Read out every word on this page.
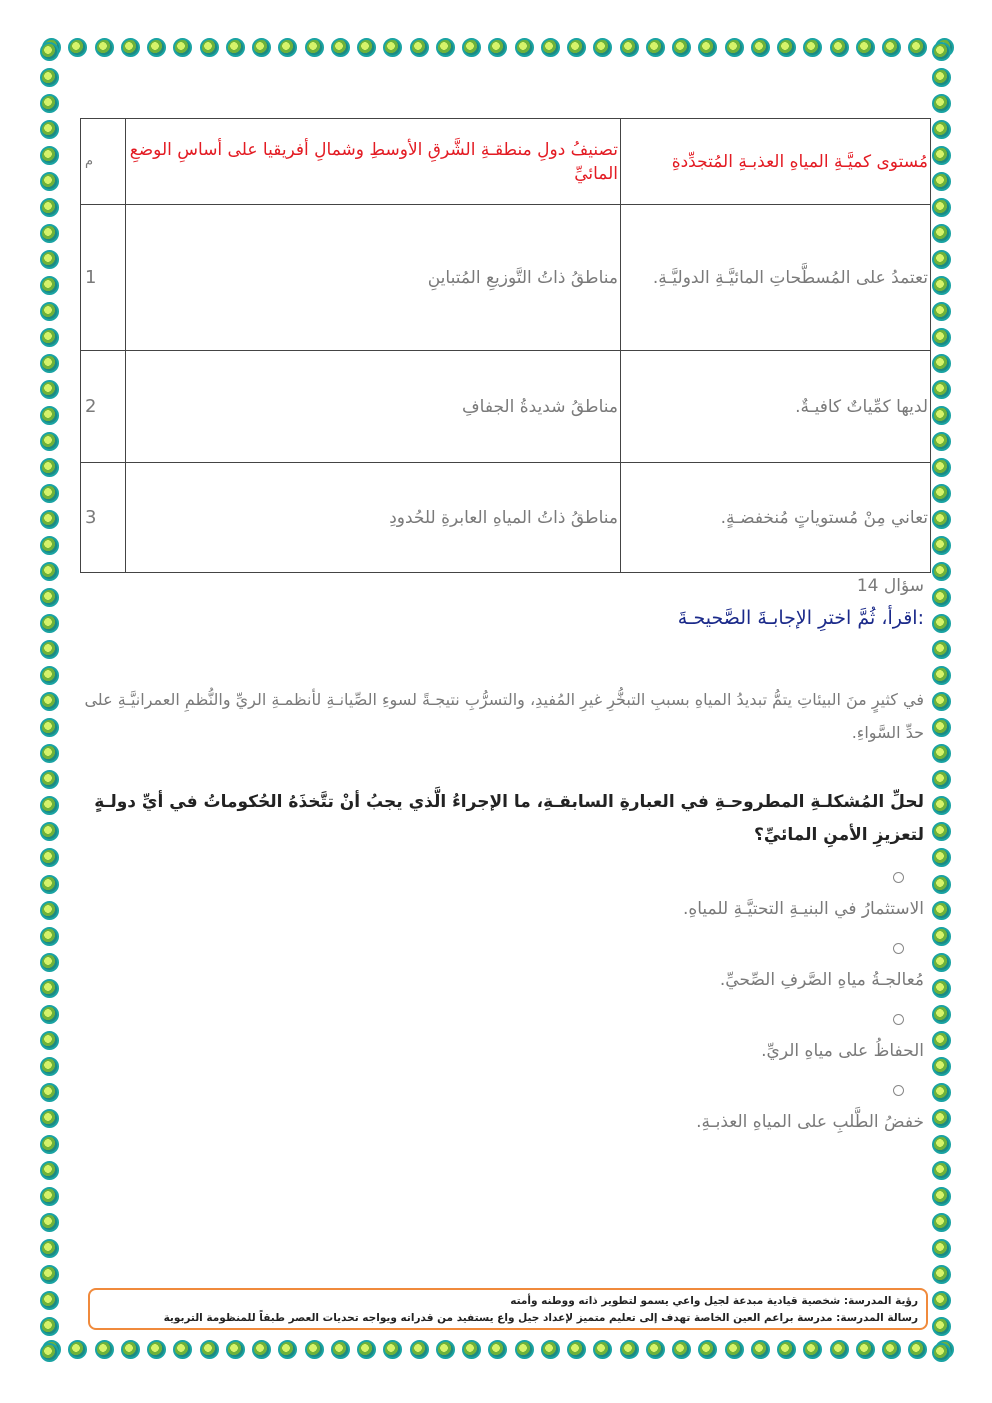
مُستوى كميَّـةِ المياهِ العذبـةِ المُتجدِّدةِ	تصنيفُ دولِ منطقـةِ الشَّرقِ الأوسطِ وشمالِ أفريقيا على أساسِ الوضعِ المائيِّ	م
تعتمدُ على المُسطَّحاتِ المائيَّـةِ الدوليَّـةِ.	مناطقُ ذاتُ التَّوزيعِ المُتباينِ	1
لديها كمِّياتٌ كافيـةٌ.	مناطقُ شديدةُ الجفافِ	2
تعاني مِنْ مُستوياتٍ مُنخفضـةٍ.	مناطقُ ذاتُ المياهِ العابرةِ للحُدودِ	3
سؤال 14
:اقرأ، ثُمَّ اخترِ الإجابـةَ الصَّحيحـةَ
في كثيرٍ منَ البيئاتِ يتمُّ تبديدُ المياهِ بسببِ التبخُّرِ غيرِ المُفيدِ، والتسرُّبِ نتيجـةً لسوءِ الصِّيانـةِ لأنظمـةِ الريِّ والنُّظمِ العمرانيَّـةِ على حدِّ السَّواءِ.
لحلِّ المُشكلـةِ المطروحـةِ في العبارةِ السابقـةِ، ما الإجراءُ الَّذي يجبُ أنْ تتَّخذَهُ الحُكوماتُ في أيِّ دولـةٍ لتعزيزِ الأمنِ المائيِّ؟
الاستثمارُ في البنيـةِ التحتيَّـةِ للمياهِ.
مُعالجـةُ مياهِ الصَّرفِ الصِّحيِّ.
الحفاظُ على مياهِ الريِّ.
خفضُ الطَّلبِ على المياهِ العذبـةِ.
رؤية المدرسة: شخصية قيادية مبدعة لجيل واعي يسمو لتطوير ذاته ووطنه وأمته
رسالة المدرسة: مدرسة براعم العين الخاصة تهدف إلى تعليم متميز لإعداد جيل واع يستفيد من قدراته ويواجه تحديات العصر طبقاً للمنظومة التربوية
